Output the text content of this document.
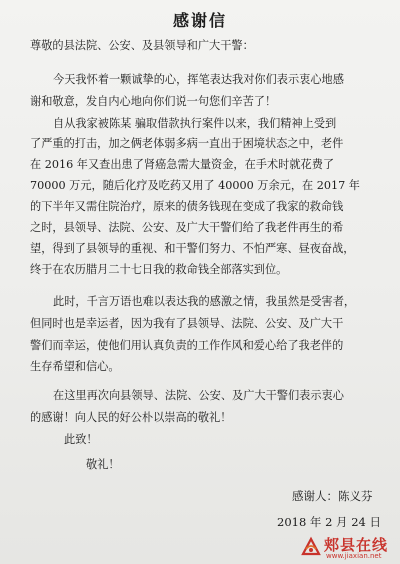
感谢信
尊敬的县法院、公安、及县领导和广大干警：
今天我怀着一颗诚挚的心，挥笔表达我对你们表示衷心地感
谢和敬意，发自内心地向你们说一句您们辛苦了！
自从我家被陈某 骗取借款执行案件以来，我们精神上受到
了严重的打击，加之俩老体弱多病一直出于困境状态之中，老件
在 2016 年又查出患了肾癌急需大量资金，在手术时就花费了
70000 万元，随后化疗及吃药又用了 40000 万余元，在 2017 年
的下半年又需住院治疗，原来的债务钱现在变成了我家的救命钱
之时，县领导、法院、公安、及广大干警们给了我老件再生的希
望，得到了县领导的重视、和干警们努力、不怕严寒、昼夜奋战，
终于在农历腊月二十七日我的救命钱全部落实到位。
此时，千言万语也难以表达我的感激之情，我虽然是受害者，
但同时也是幸运者，因为我有了县领导、法院、公安、及广大干
警们而幸运，使他们用认真负责的工作作风和爱心给了我老伴的
生存希望和信心。
在这里再次向县领导、法院、公安、及广大干警们表示衷心
的感谢！向人民的好公朴以崇高的敬礼！
此致！
敬礼！
感谢人：陈义芬
2018 年 2 月 24 日
郏县在线
www.jiaxian.net
